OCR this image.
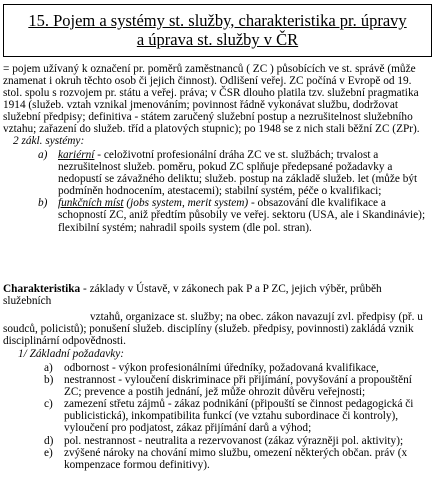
15. Pojem a systémy st. služby, charakteristika pr. úpravy
a úprava st. služby v ČR
= pojem užívaný k označení pr. poměrů zaměstnanců ( ZC ) působících ve st. správě (může
znamenat i okruh těchto osob či jejich činnost). Odlišení veřej. ZC počíná v Evropě od 19.
stol. spolu s rozvojem pr. státu a veřej. práva; v ČSR dlouho platila tzv. služební pragmatika
1914 (služeb. vztah vznikal jmenováním; povinnost řádně vykonávat službu, dodržovat
služební předpisy; definitiva - státem zaručený služební postup a nezrušitelnost služebního
vztahu; zařazení do služeb. tříd a platových stupnic); po 1948 se z nich stali běžní ZC (ZPr).
2 zákl. systémy:
a) kariérní - celoživotní profesionální dráha ZC ve st. službách; trvalost a
nezrušitelnost služeb. poměru, pokud ZC splňuje předepsané požadavky a
nedopustí se závažného deliktu; služeb. postup na základě služeb. let (může být
podmíněn hodnocením, atestacemi); stabilní systém, péče o kvalifikaci;
b) funkčních míst (jobs system, merit system) - obsazování dle kvalifikace a
schopností ZC, aniž předtím působily ve veřej. sektoru (USA, ale i Skandinávie);
flexibilní systém; nahradil spoils system (dle pol. stran).
Charakteristika - základy v Ústavě, v zákonech pak P a P ZC, jejich výběr, průběh
služebních
vztahů, organizace st. služby; na obec. zákon navazují zvl. předpisy (př. u
soudců, policistů); ponušení služeb. disciplíny (služeb. předpisy, povinnosti) zakládá vznik
disciplinární odpovědnosti.
1/ Základní požadavky:
a) odbornost - výkon profesionálními úředníky, požadovaná kvalifikace,
b) nestrannost - vyloučení diskriminace při přijímání, povyšování a propouštění
ZC; prevence a postih jednání, jež může ohrozit důvěru veřejnosti;
c) zamezení střetu zájmů - zákaz podnikání (připouští se činnost pedagogická či
publicistická), inkompatibilita funkcí (ve vztahu subordinace či kontroly),
vyloučení pro podjatost, zákaz přijímání darů a výhod;
d) pol. nestrannost - neutralita a rezervovanost (zákaz výrazněji pol. aktivity);
e) zvýšené nároky na chování mimo službu, omezení některých občan. práv (x
kompenzace formou definitivy).
